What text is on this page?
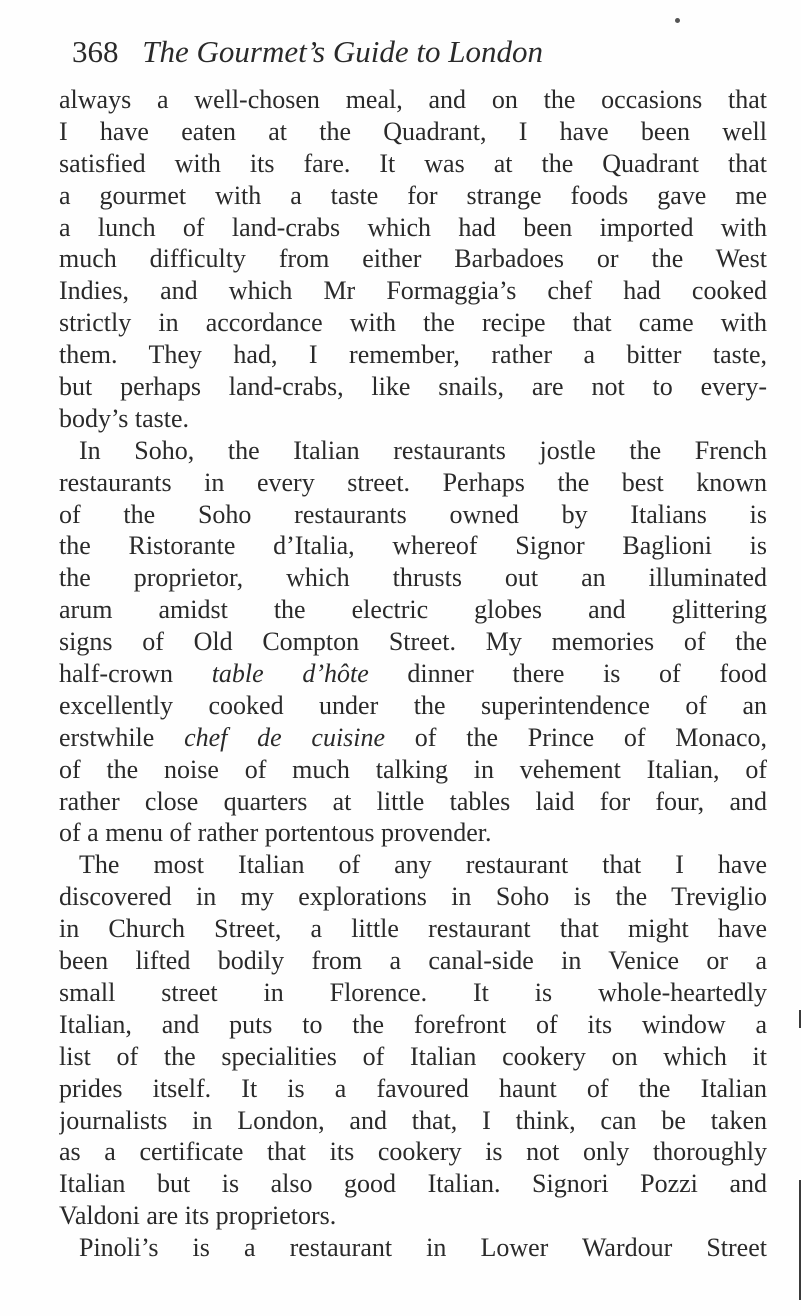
368 The Gourmet’s Guide to London
always a well-chosen meal, and on the occasions that
I have eaten at the Quadrant, I have been well
satisfied with its fare. It was at the Quadrant that
a gourmet with a taste for strange foods gave me
a lunch of land-crabs which had been imported with
much difficulty from either Barbadoes or the West
Indies, and which Mr Formaggia’s chef had cooked
strictly in accordance with the recipe that came with
them. They had, I remember, rather a bitter taste,
but perhaps land-crabs, like snails, are not to every-
body’s taste.
In Soho, the Italian restaurants jostle the French
restaurants in every street. Perhaps the best known
of the Soho restaurants owned by Italians is
the Ristorante d’Italia, whereof Signor Baglioni is
the proprietor, which thrusts out an illuminated
arum amidst the electric globes and glittering
signs of Old Compton Street. My memories of the
half-crown table d’hôte dinner there is of food
excellently cooked under the superintendence of an
erstwhile chef de cuisine of the Prince of Monaco,
of the noise of much talking in vehement Italian, of
rather close quarters at little tables laid for four, and
of a menu of rather portentous provender.
The most Italian of any restaurant that I have
discovered in my explorations in Soho is the Treviglio
in Church Street, a little restaurant that might have
been lifted bodily from a canal-side in Venice or a
small street in Florence. It is whole-heartedly
Italian, and puts to the forefront of its window a
list of the specialities of Italian cookery on which it
prides itself. It is a favoured haunt of the Italian
journalists in London, and that, I think, can be taken
as a certificate that its cookery is not only thoroughly
Italian but is also good Italian. Signori Pozzi and
Valdoni are its proprietors.
Pinoli’s is a restaurant in Lower Wardour Street
